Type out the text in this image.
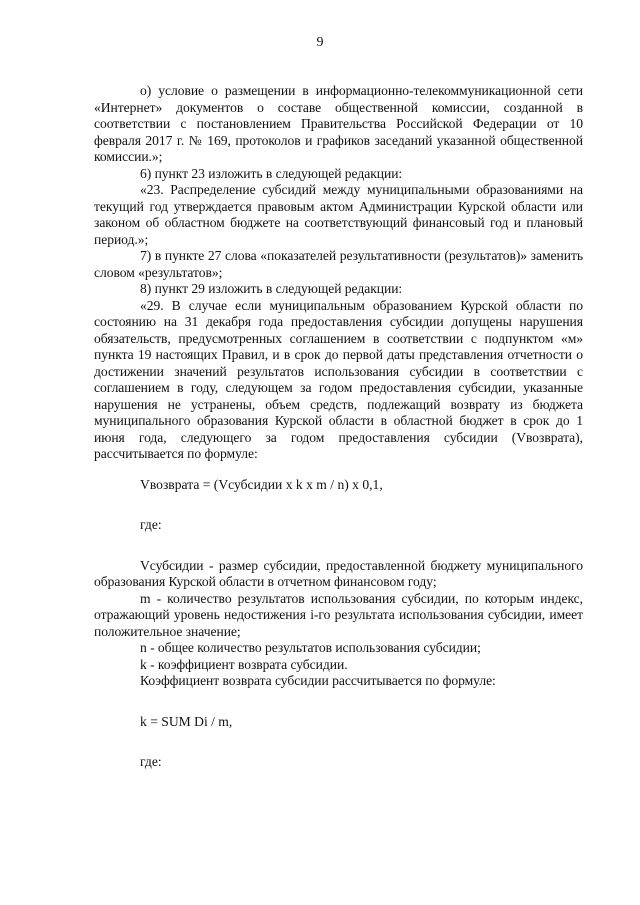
9

о) условие о размещении в информационно-телекоммуникационной сети «Интернет» документов о составе общественной комиссии, созданной в соответствии с постановлением Правительства Российской Федерации от 10 февраля 2017 г. № 169, протоколов и графиков заседаний указанной общественной комиссии.»;

6) пункт 23 изложить в следующей редакции:

«23. Распределение субсидий между муниципальными образованиями на текущий год утверждается правовым актом Администрации Курской области или законом об областном бюджете на соответствующий финансовый год и плановый период.»;

7) в пункте 27 слова «показателей результативности (результатов)» заменить словом «результатов»;

8) пункт 29 изложить в следующей редакции:

«29. В случае если муниципальным образованием Курской области по состоянию на 31 декабря года предоставления субсидии допущены нарушения обязательств, предусмотренных соглашением в соответствии с подпунктом «м» пункта 19 настоящих Правил, и в срок до первой даты представления отчетности о достижении значений результатов использования субсидии в соответствии с соглашением в году, следующем за годом предоставления субсидии, указанные нарушения не устранены, объем средств, подлежащий возврату из бюджета муниципального образования Курской области в областной бюджет в срок до 1 июня года, следующего за годом предоставления субсидии (Vвозврата), рассчитывается по формуле:

Vвозврата = (Vсубсидии x k x m / n) x 0,1,

где:

Vсубсидии - размер субсидии, предоставленной бюджету муниципального образования Курской области в отчетном финансовом году;

m - количество результатов использования субсидии, по которым индекс, отражающий уровень недостижения i-го результата использования субсидии, имеет положительное значение;

n - общее количество результатов использования субсидии;

k - коэффициент возврата субсидии.

Коэффициент возврата субсидии рассчитывается по формуле:

k = SUM Di / m,

где:
